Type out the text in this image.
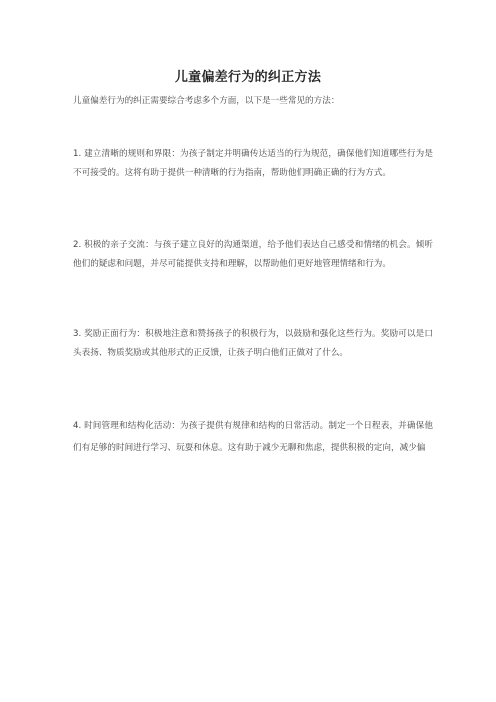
儿童偏差行为的纠正方法
儿童偏差行为的纠正需要综合考虑多个方面，以下是一些常见的方法：
1. 建立清晰的规则和界限：为孩子制定并明确传达适当的行为规范，确保他们知道哪些行为是不可接受的。这将有助于提供一种清晰的行为指南，帮助他们明确正确的行为方式。
2. 积极的亲子交流：与孩子建立良好的沟通渠道，给予他们表达自己感受和情绪的机会。倾听他们的疑虑和问题，并尽可能提供支持和理解，以帮助他们更好地管理情绪和行为。
3. 奖励正面行为：积极地注意和赞扬孩子的积极行为，以鼓励和强化这些行为。奖励可以是口头表扬、物质奖励或其他形式的正反馈，让孩子明白他们正做对了什么。
4. 时间管理和结构化活动：为孩子提供有规律和结构的日常活动。制定一个日程表，并确保他们有足够的时间进行学习、玩耍和休息。这有助于减少无聊和焦虑，提供积极的定向，减少偏
